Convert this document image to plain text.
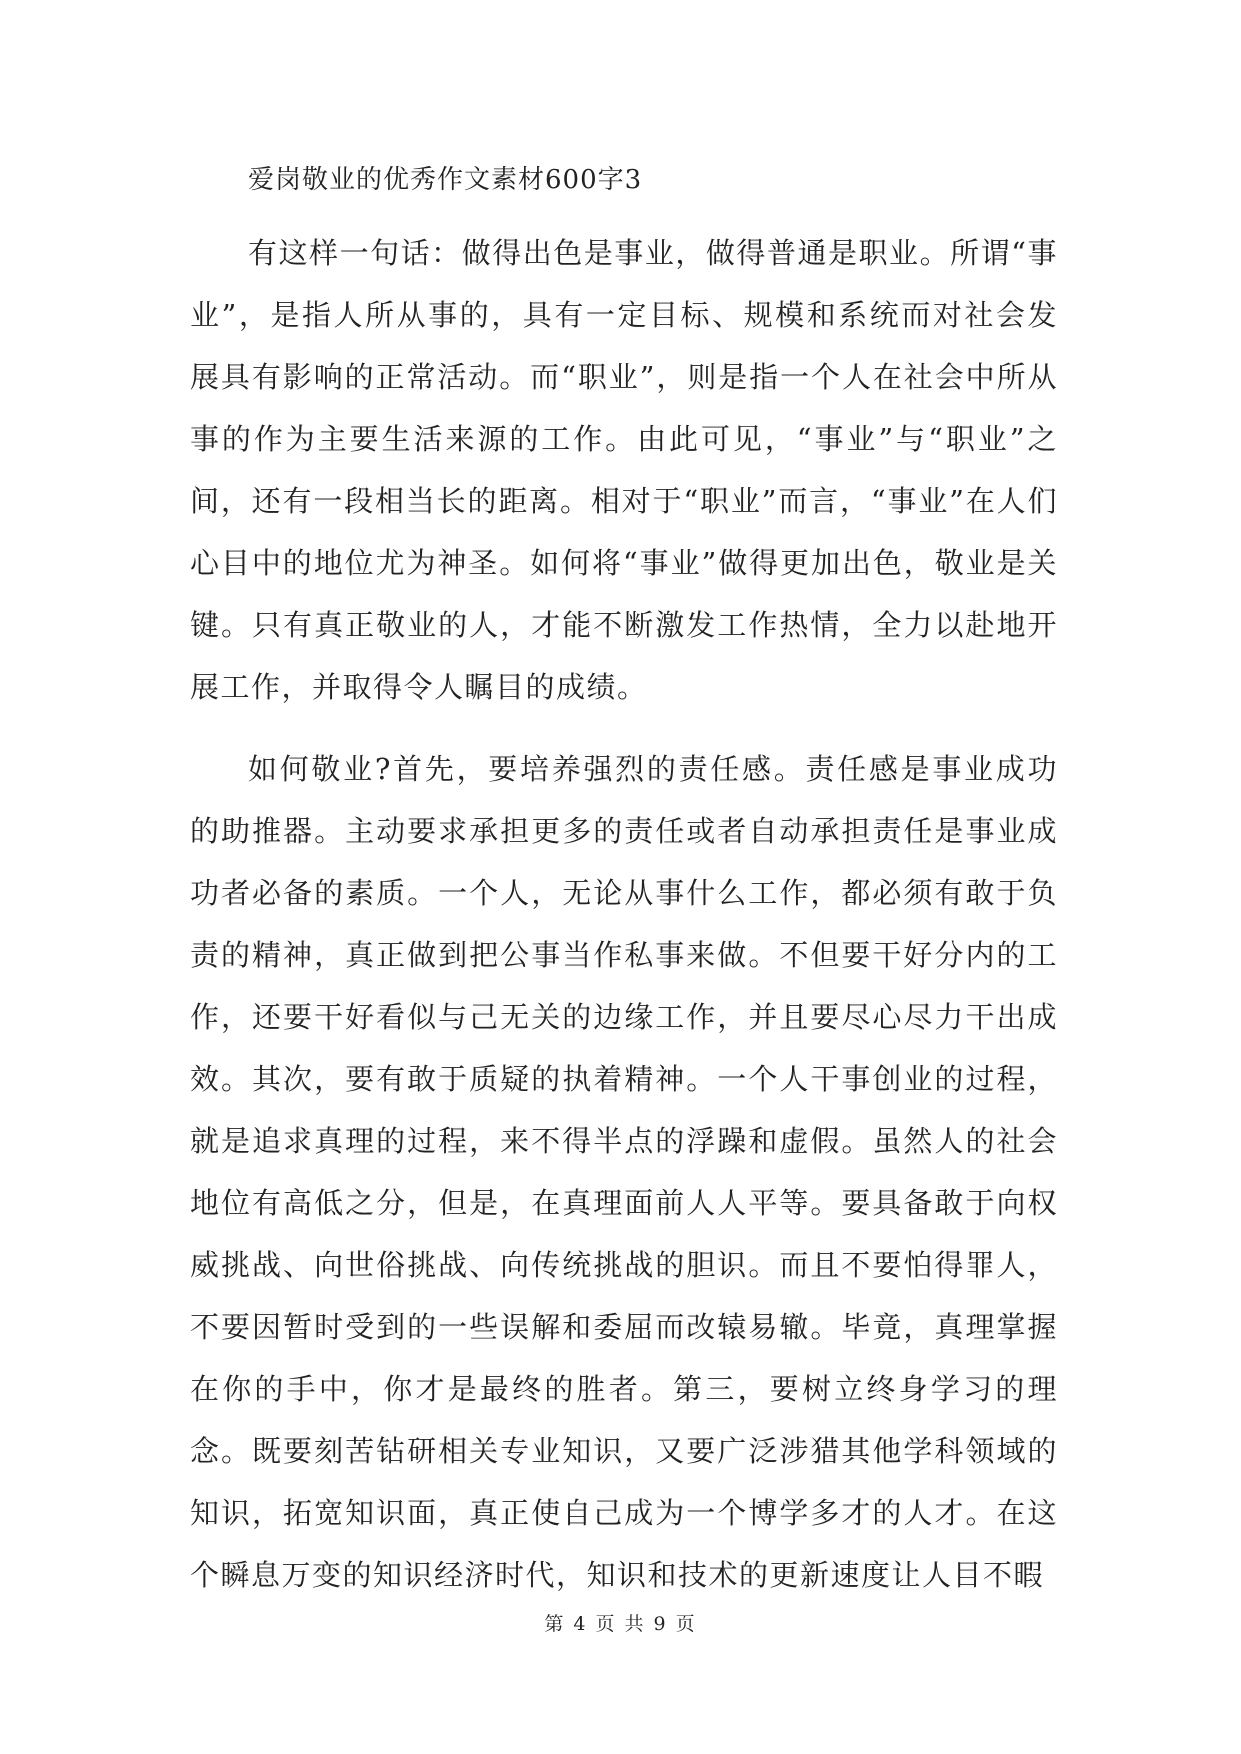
爱岗敬业的优秀作文素材600字3

有这样一句话：做得出色是事业，做得普通是职业。所谓“事业”，是指人所从事的，具有一定目标、规模和系统而对社会发展具有影响的正常活动。而“职业”，则是指一个人在社会中所从事的作为主要生活来源的工作。由此可见，“事业”与“职业”之间，还有一段相当长的距离。相对于“职业”而言，“事业”在人们心目中的地位尤为神圣。如何将“事业”做得更加出色，敬业是关键。只有真正敬业的人，才能不断激发工作热情，全力以赴地开展工作，并取得令人瞩目的成绩。

如何敬业?首先，要培养强烈的责任感。责任感是事业成功的助推器。主动要求承担更多的责任或者自动承担责任是事业成功者必备的素质。一个人，无论从事什么工作，都必须有敢于负责的精神，真正做到把公事当作私事来做。不但要干好分内的工作，还要干好看似与己无关的边缘工作，并且要尽心尽力干出成效。其次，要有敢于质疑的执着精神。一个人干事创业的过程，就是追求真理的过程，来不得半点的浮躁和虚假。虽然人的社会地位有高低之分，但是，在真理面前人人平等。要具备敢于向权威挑战、向世俗挑战、向传统挑战的胆识。而且不要怕得罪人，不要因暂时受到的一些误解和委屈而改辕易辙。毕竟，真理掌握在你的手中，你才是最终的胜者。第三，要树立终身学习的理念。既要刻苦钻研相关专业知识，又要广泛涉猎其他学科领域的知识，拓宽知识面，真正使自己成为一个博学多才的人才。在这个瞬息万变的知识经济时代，知识和技术的更新速度让人目不暇

第 4 页 共 9 页
